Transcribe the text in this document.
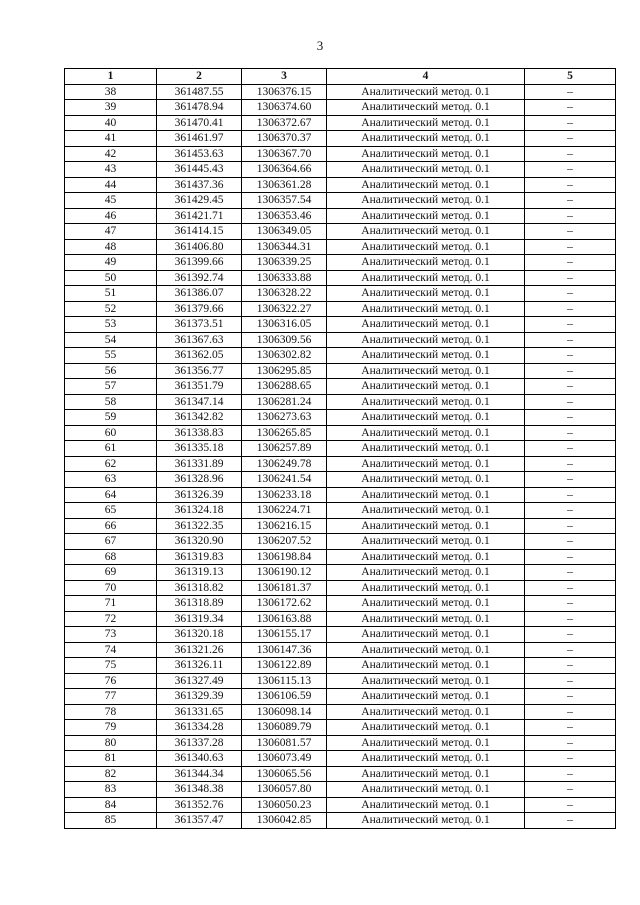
3
1	2	3	4	5
38	361487.55	1306376.15	Аналитический метод. 0.1	–
39	361478.94	1306374.60	Аналитический метод. 0.1	–
40	361470.41	1306372.67	Аналитический метод. 0.1	–
41	361461.97	1306370.37	Аналитический метод. 0.1	–
42	361453.63	1306367.70	Аналитический метод. 0.1	–
43	361445.43	1306364.66	Аналитический метод. 0.1	–
44	361437.36	1306361.28	Аналитический метод. 0.1	–
45	361429.45	1306357.54	Аналитический метод. 0.1	–
46	361421.71	1306353.46	Аналитический метод. 0.1	–
47	361414.15	1306349.05	Аналитический метод. 0.1	–
48	361406.80	1306344.31	Аналитический метод. 0.1	–
49	361399.66	1306339.25	Аналитический метод. 0.1	–
50	361392.74	1306333.88	Аналитический метод. 0.1	–
51	361386.07	1306328.22	Аналитический метод. 0.1	–
52	361379.66	1306322.27	Аналитический метод. 0.1	–
53	361373.51	1306316.05	Аналитический метод. 0.1	–
54	361367.63	1306309.56	Аналитический метод. 0.1	–
55	361362.05	1306302.82	Аналитический метод. 0.1	–
56	361356.77	1306295.85	Аналитический метод. 0.1	–
57	361351.79	1306288.65	Аналитический метод. 0.1	–
58	361347.14	1306281.24	Аналитический метод. 0.1	–
59	361342.82	1306273.63	Аналитический метод. 0.1	–
60	361338.83	1306265.85	Аналитический метод. 0.1	–
61	361335.18	1306257.89	Аналитический метод. 0.1	–
62	361331.89	1306249.78	Аналитический метод. 0.1	–
63	361328.96	1306241.54	Аналитический метод. 0.1	–
64	361326.39	1306233.18	Аналитический метод. 0.1	–
65	361324.18	1306224.71	Аналитический метод. 0.1	–
66	361322.35	1306216.15	Аналитический метод. 0.1	–
67	361320.90	1306207.52	Аналитический метод. 0.1	–
68	361319.83	1306198.84	Аналитический метод. 0.1	–
69	361319.13	1306190.12	Аналитический метод. 0.1	–
70	361318.82	1306181.37	Аналитический метод. 0.1	–
71	361318.89	1306172.62	Аналитический метод. 0.1	–
72	361319.34	1306163.88	Аналитический метод. 0.1	–
73	361320.18	1306155.17	Аналитический метод. 0.1	–
74	361321.26	1306147.36	Аналитический метод. 0.1	–
75	361326.11	1306122.89	Аналитический метод. 0.1	–
76	361327.49	1306115.13	Аналитический метод. 0.1	–
77	361329.39	1306106.59	Аналитический метод. 0.1	–
78	361331.65	1306098.14	Аналитический метод. 0.1	–
79	361334.28	1306089.79	Аналитический метод. 0.1	–
80	361337.28	1306081.57	Аналитический метод. 0.1	–
81	361340.63	1306073.49	Аналитический метод. 0.1	–
82	361344.34	1306065.56	Аналитический метод. 0.1	–
83	361348.38	1306057.80	Аналитический метод. 0.1	–
84	361352.76	1306050.23	Аналитический метод. 0.1	–
85	361357.47	1306042.85	Аналитический метод. 0.1	–
